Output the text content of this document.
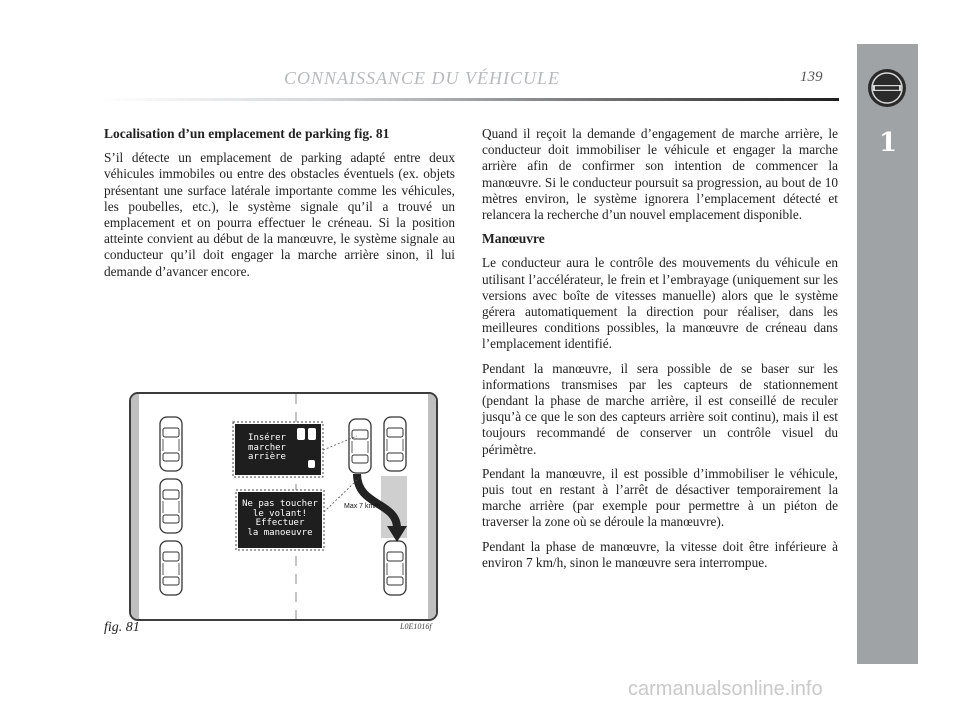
1
CONNAISSANCE DU VÉHICULE	139
Localisation d’un emplacement de parking fig. 81

S’il détecte un emplacement de parking adapté entre deux véhicules immobiles ou entre des obstacles éventuels (ex. objets présentant une surface latérale importante comme les véhicules, les poubelles, etc.), le système signale qu’il a trouvé un emplacement et on pourra effectuer le créneau. Si la position atteinte convient au début de la manœuvre, le système signale au conducteur qu’il doit engager la marche arrière sinon, il lui demande d’avancer encore.

Quand il reçoit la demande d’engagement de marche arrière, le conducteur doit immobiliser le véhicule et engager la marche arrière afin de confirmer son intention de commencer la manœuvre. Si le conducteur poursuit sa progression, au bout de 10 mètres environ, le système ignorera l’emplacement détecté et relancera la recherche d’un nouvel emplacement disponible.

Manœuvre

Le conducteur aura le contrôle des mouvements du véhicule en utilisant l’accélérateur, le frein et l’embrayage (uniquement sur les versions avec boîte de vitesses manuelle) alors que le système gérera automatiquement la direction pour réaliser, dans les meilleures conditions possibles, la manœuvre de créneau dans l’emplacement identifié.

Pendant la manœuvre, il sera possible de se baser sur les informations transmises par les capteurs de stationnement (pendant la phase de marche arrière, il est conseillé de reculer jusqu’à ce que le son des capteurs arrière soit continu), mais il est toujours recommandé de conserver un contrôle visuel du périmètre.

Pendant la manœuvre, il est possible d’immobiliser le véhicule, puis tout en restant à l’arrêt de désactiver temporairement la marche arrière (par exemple pour permettre à un piéton de traverser la zone où se déroule la manœuvre).

Pendant la phase de manœuvre, la vitesse doit être inférieure à environ 7 km/h, sinon le manœuvre sera interrompue.

Insérer
marcher
arrière
Ne pas toucher
le volant!
Effectuer
la manoeuvre
Max 7 km/h
fig. 81	L0E1016f
carmanualsonline.info
